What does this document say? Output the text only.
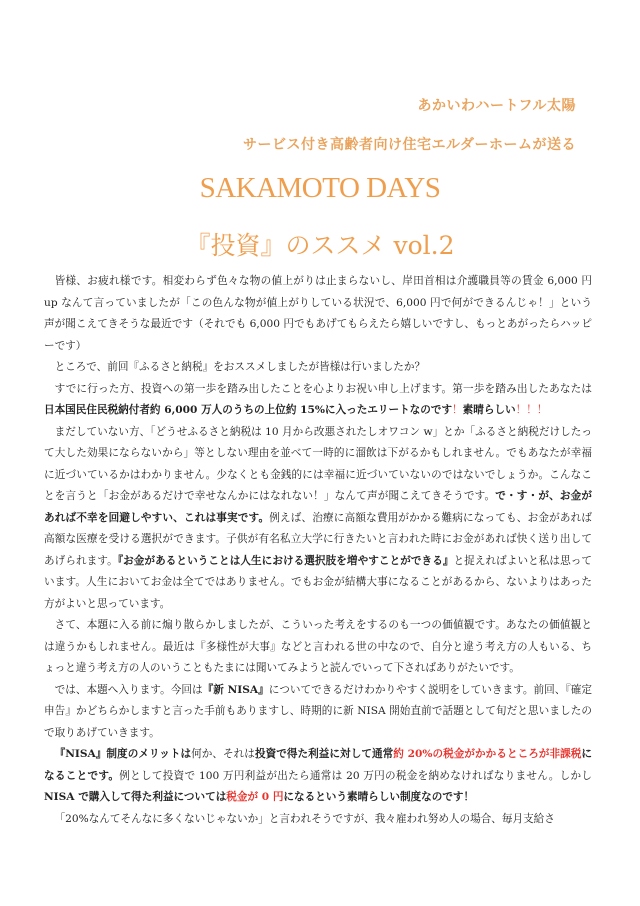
あかいわハートフル太陽

サービス付き高齢者向け住宅エルダーホームが送る

SAKAMOTO DAYS
『投資』のススメ vol.2

皆様、お疲れ様です。相変わらず色々な物の値上がりは止まらないし、岸田首相は介護職員等の賃金 6,000 円 up なんて言っていましたが「この色んな物が値上がりしている状況で、6,000 円で何ができるんじゃ！」という声が聞こえてきそうな最近です（それでも 6,000 円でもあげてもらえたら嬉しいですし、もっとあがったらハッピーです）

ところで、前回『ふるさと納税』をおススメしましたが皆様は行いましたか？

すでに行った方、投資への第一歩を踏み出したことを心よりお祝い申し上げます。第一歩を踏み出したあなたは日本国民住民税納付者約 6,000 万人のうちの上位約 15%に入ったエリートなのです！素晴らしい！！！

まだしていない方、「どうせふるさと納税は 10 月から改悪されたしオワコン w」とか「ふるさと納税だけしたって大した効果にならないから」等としない理由を並べて一時的に溜飲は下がるかもしれません。でもあなたが幸福に近づいているかはわかりません。少なくとも金銭的には幸福に近づいていないのではないでしょうか。こんなことを言うと「お金があるだけで幸せなんかにはなれない！」なんて声が聞こえてきそうです。で・す・が、お金があれば不幸を回避しやすい、これは事実です。例えば、治療に高額な費用がかかる難病になっても、お金があれば高額な医療を受ける選択ができます。子供が有名私立大学に行きたいと言われた時にお金があれば快く送り出してあげられます。『お金があるということは人生における選択肢を増やすことができる』と捉えればよいと私は思っています。人生においてお金は全てではありません。でもお金が結構大事になることがあるから、ないよりはあった方がよいと思っています。

さて、本題に入る前に煽り散らかしましたが、こういった考えをするのも一つの価値観です。あなたの価値観とは違うかもしれません。最近は『多様性が大事』などと言われる世の中なので、自分と違う考え方の人もいる、ちょっと違う考え方の人のいうこともたまには聞いてみようと読んでいって下さればありがたいです。

では、本題へ入ります。今回は『新 NISA』についてできるだけわかりやすく説明をしていきます。前回、『確定申告』かどちらかしますと言った手前もありますし、時期的に新 NISA 開始直前で話題として旬だと思いましたので取りあげていきます。

『NISA』制度のメリットは何か、それは投資で得た利益に対して通常約 20%の税金がかかるところが非課税になることです。例として投資で 100 万円利益が出たら通常は 20 万円の税金を納めなければなりません。しかし NISA で購入して得た利益については税金が 0 円になるという素晴らしい制度なのです！

「20%なんてそんなに多くないじゃないか」と言われそうですが、我々雇われ努め人の場合、毎月支給さ
